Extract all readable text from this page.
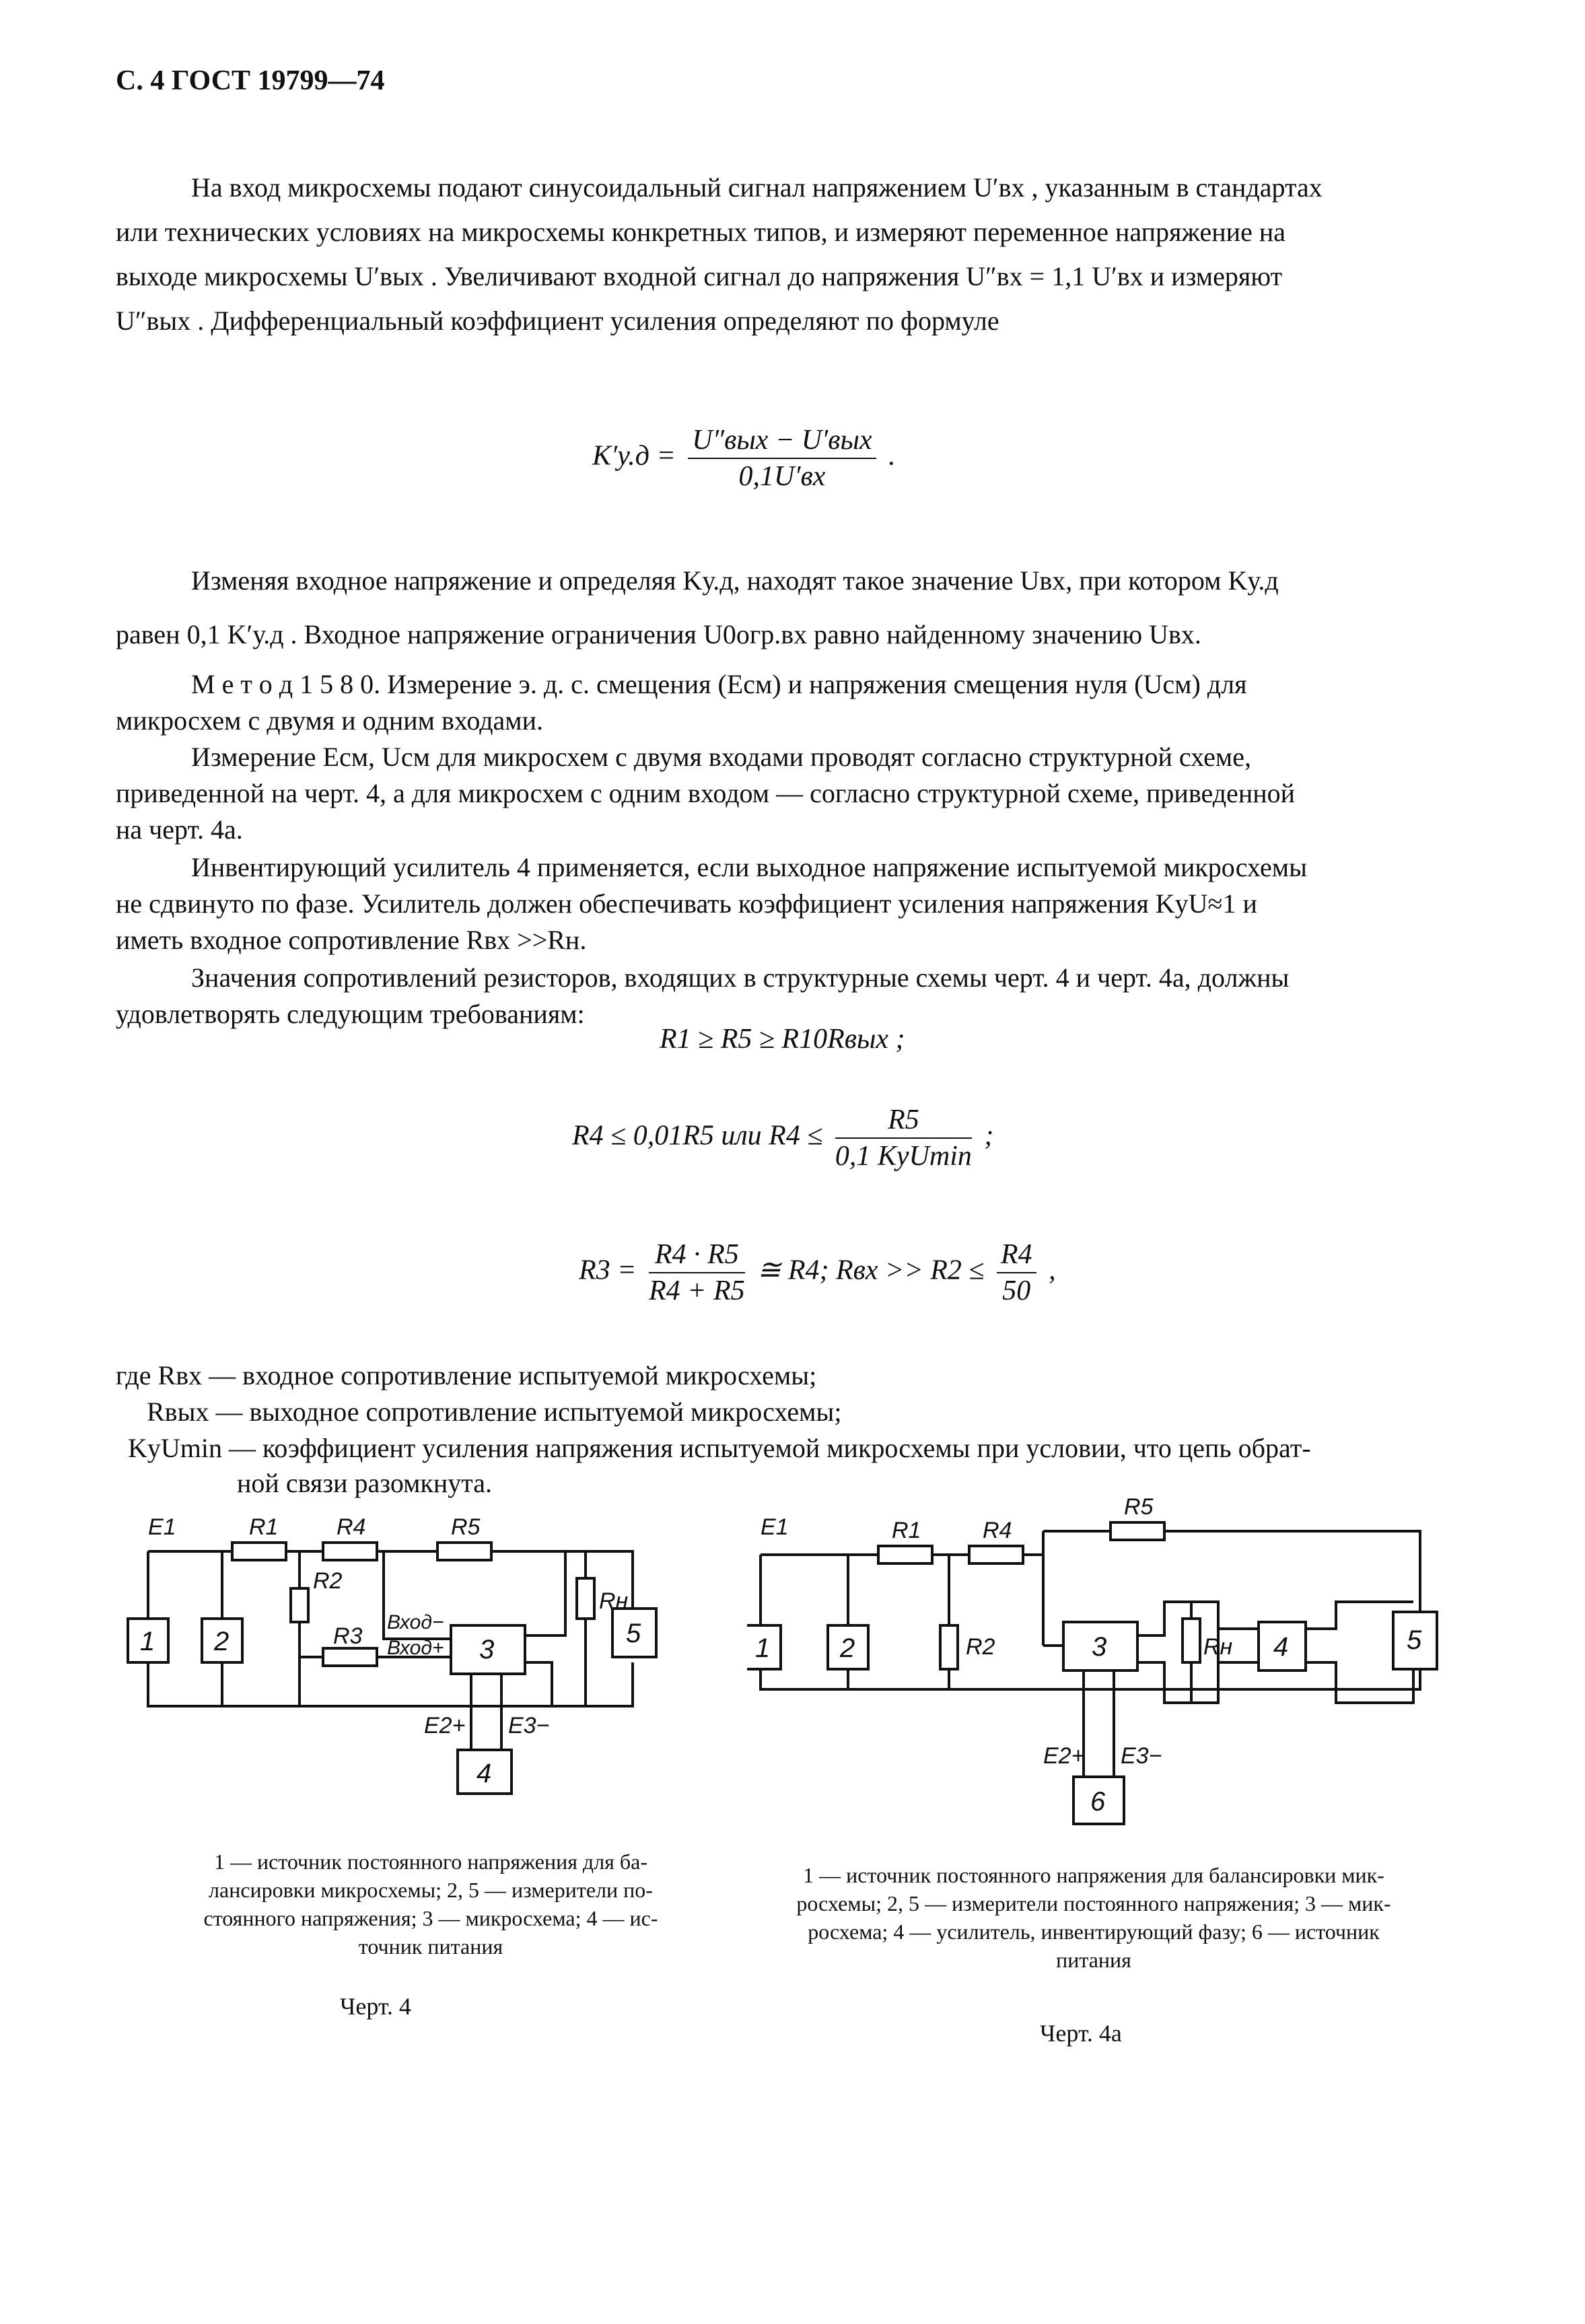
С. 4 ГОСТ 19799—74
На вход микросхемы подают синусоидальный сигнал напряжением U′вх , указанным в стандартах
или технических условиях на микросхемы конкретных типов, и измеряют переменное напряжение на
выходе микросхемы U′вых . Увеличивают входной сигнал до напряжения U″вх = 1,1 U′вх и измеряют
U″вых . Дифференциальный коэффициент усиления определяют по формуле
$K'у.д = \frac{\text{U″вых − U′вых}}{0,1U'вх}$ .
Изменяя входное напряжение и определяя Kу.д, находят такое значение Uвх, при котором Kу.д
равен 0,1 K′у.д . Входное напряжение ограничения U0огр.вх равно найденному значению Uвх.
М е т о д 1 5 8 0. Измерение э. д. с. смещения (Eсм) и напряжения смещения нуля (Uсм) для
микросхем с двумя и одним входами.
Измерение Eсм, Uсм для микросхем с двумя входами проводят согласно структурной схеме,
приведенной на черт. 4, а для микросхем с одним входом — согласно структурной схеме, приведенной
на черт. 4а.
Инвентирующий усилитель 4 применяется, если выходное напряжение испытуемой микросхемы
не сдвинуто по фазе. Усилитель должен обеспечивать коэффициент усиления напряжения KyU≈1 и
иметь входное сопротивление Rвх >>Rн.
Значения сопротивлений резисторов, входящих в структурные схемы черт. 4 и черт. 4а, должны
удовлетворять следующим требованиям:
R1 ≥ R5 ≥ R10Rвых ;
R4 ≤ 0,01R5 или $R4 \le \frac{R5}{\text{0,1 KyUmin}}$ ;
$R3 = \frac{R4 \cdot R5}{R4 + R5}$ ≅ R4; Rвх >> $R2 \le \frac{R4}{50}$ ,
где Rвх — входное сопротивление испытуемой микросхемы;
Rвых — выходное сопротивление испытуемой микросхемы;
KyUmin — коэффициент усиления напряжения испытуемой микросхемы при условии, что цепь обрат-
ной связи разомкнута.
E1	R1	R4	R5
R2
R3
Rн
Вход−
Вход+
E2+ E3−
1 2	3
5
4
E1	R1	R4
R5
R2	Rн
E2+ E3−
1	2	3	4	5
6
1 — источник постоянного напряжения для ба-
лансировки микросхемы; 2, 5 — измерители по-
стоянного напряжения; 3 — микросхема; 4 — ис-
точник питания
Черт. 4
1 — источник постоянного напряжения для балансировки мик-
росхемы; 2, 5 — измерители постоянного напряжения; 3 — мик-
росхема; 4 — усилитель, инвентирующий фазу; 6 — источник
питания
Черт. 4а
